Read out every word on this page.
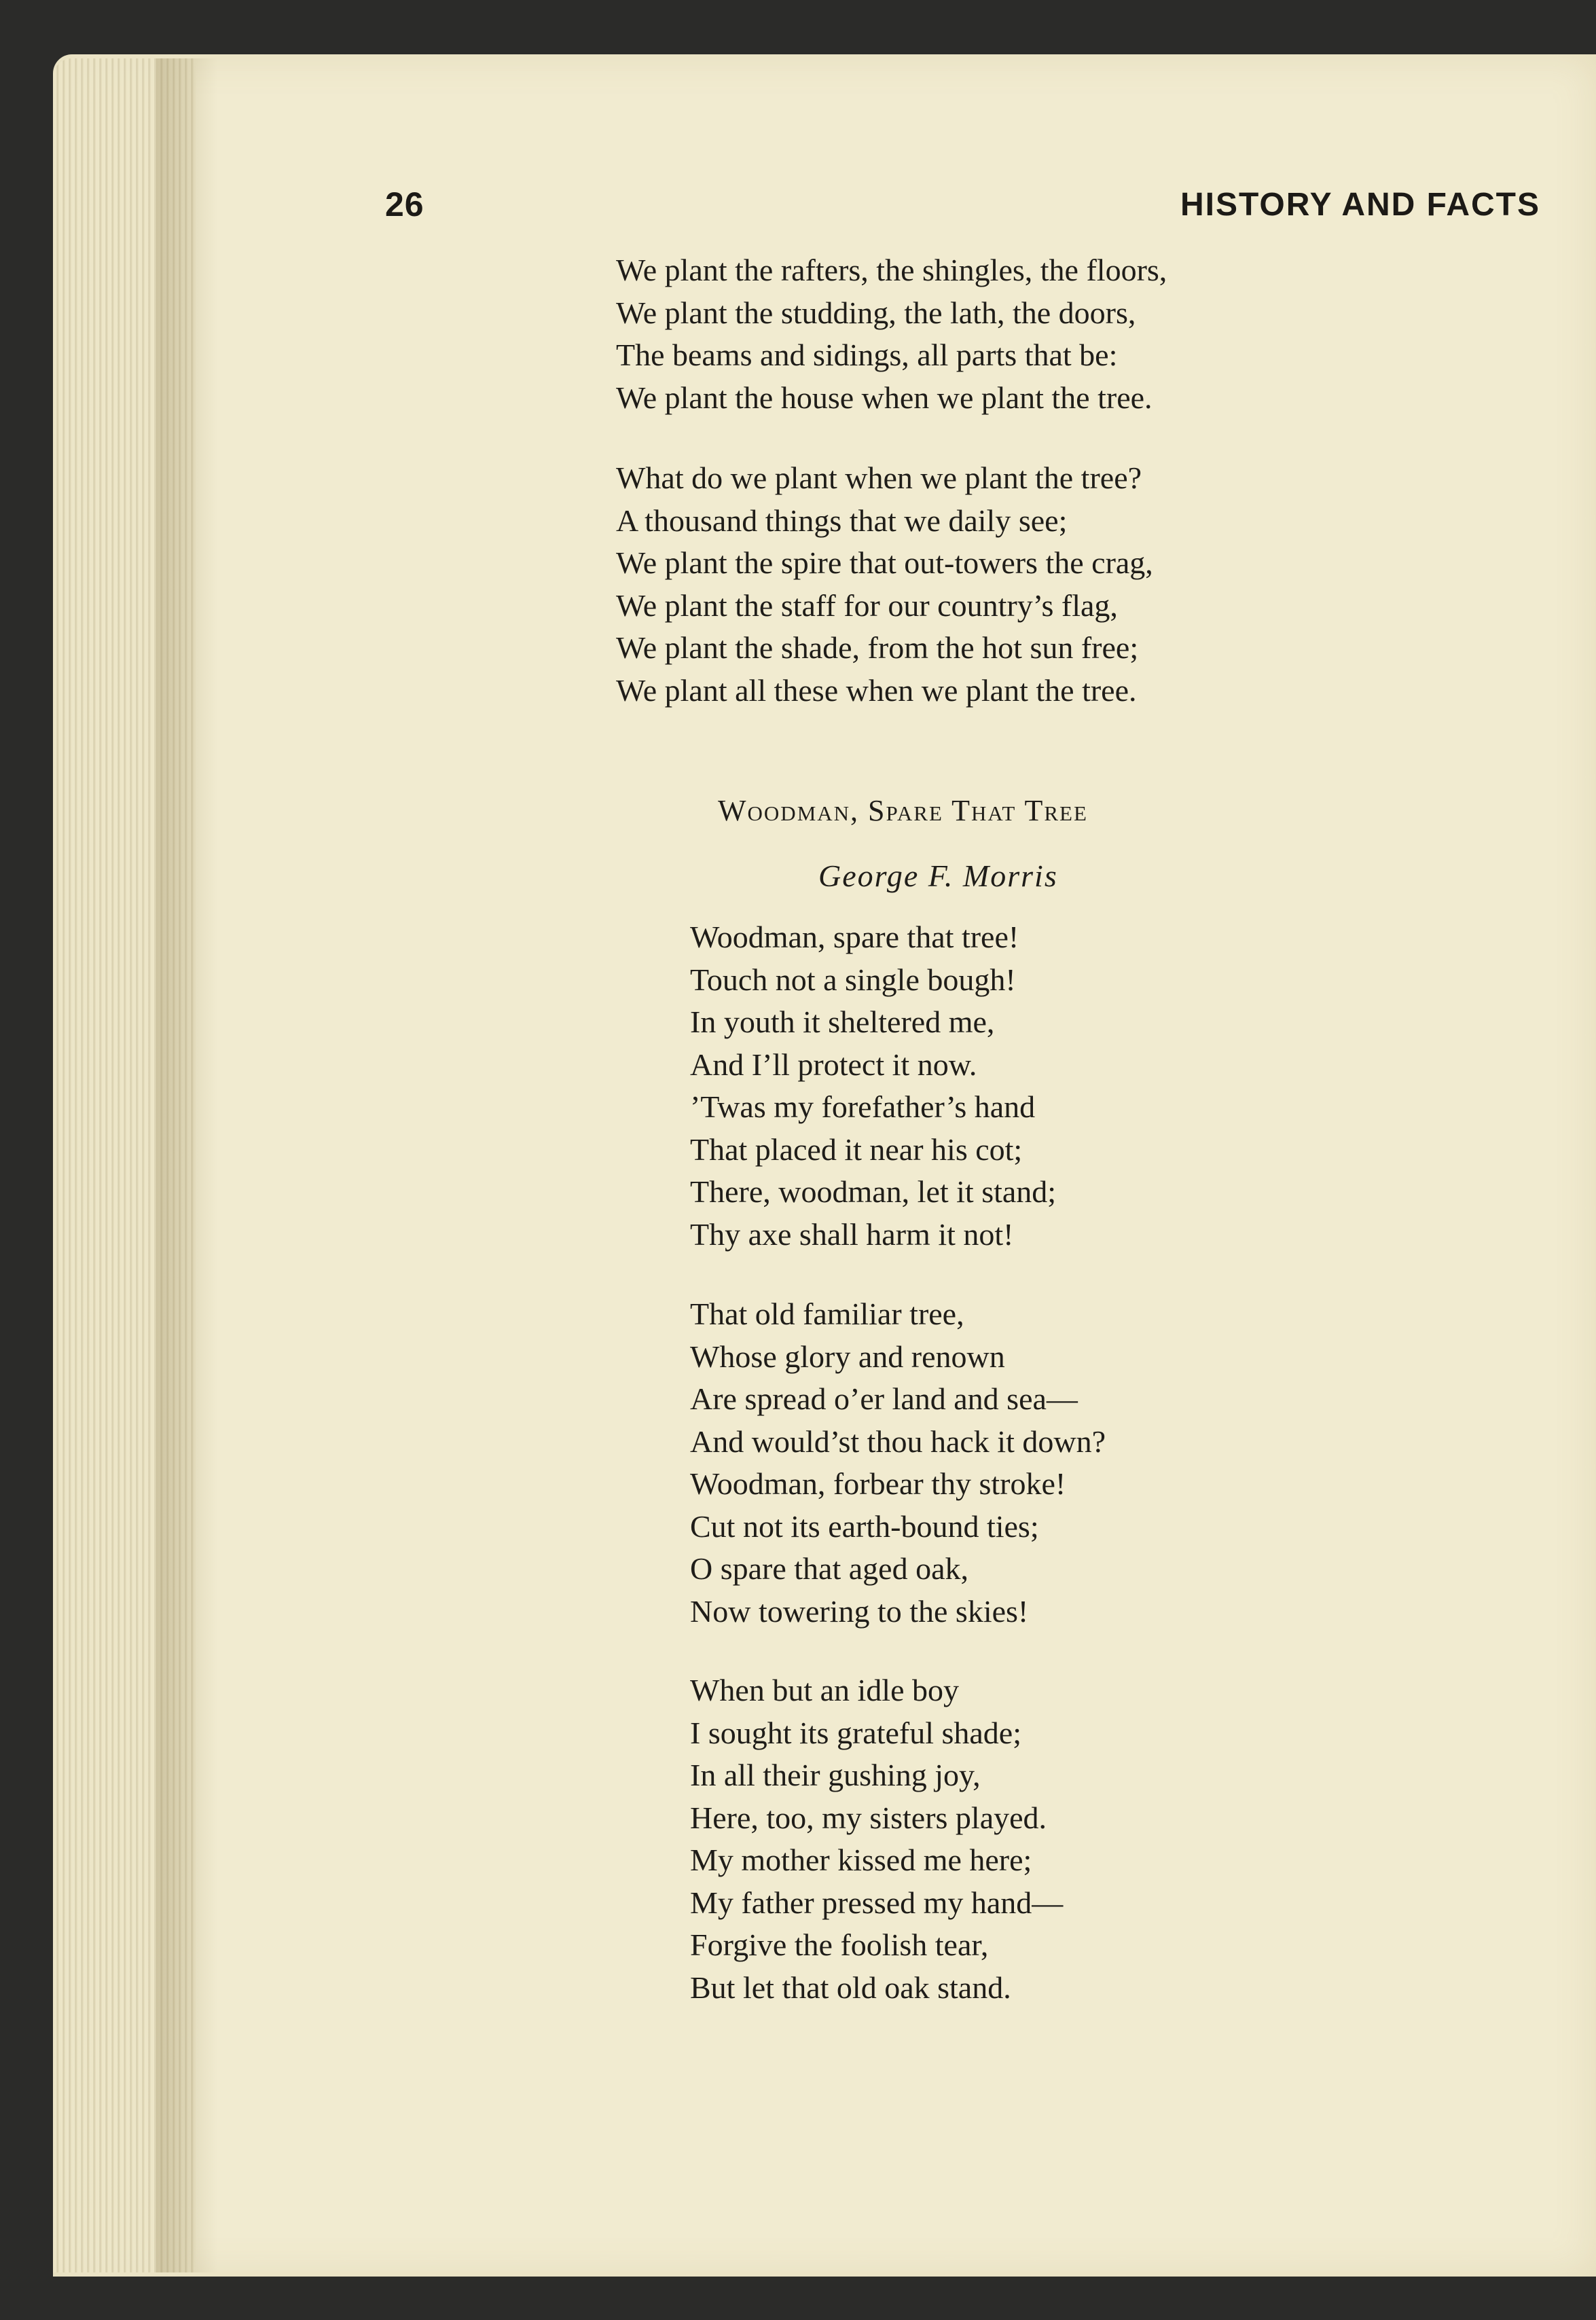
26	HISTORY AND FACTS
We plant the rafters, the shingles, the floors,
We plant the studding, the lath, the doors,
The beams and sidings, all parts that be:
We plant the house when we plant the tree.
What do we plant when we plant the tree?
A thousand things that we daily see;
We plant the spire that out-towers the crag,
We plant the staff for our country’s flag,
We plant the shade, from the hot sun free;
We plant all these when we plant the tree.
Woodman, Spare That Tree
George F. Morris
Woodman, spare that tree!
Touch not a single bough!
In youth it sheltered me,
And I’ll protect it now.
’Twas my forefather’s hand
That placed it near his cot;
There, woodman, let it stand;
Thy axe shall harm it not!
That old familiar tree,
Whose glory and renown
Are spread o’er land and sea—
And would’st thou hack it down?
Woodman, forbear thy stroke!
Cut not its earth-bound ties;
O spare that aged oak,
Now towering to the skies!
When but an idle boy
I sought its grateful shade;
In all their gushing joy,
Here, too, my sisters played.
My mother kissed me here;
My father pressed my hand—
Forgive the foolish tear,
But let that old oak stand.
